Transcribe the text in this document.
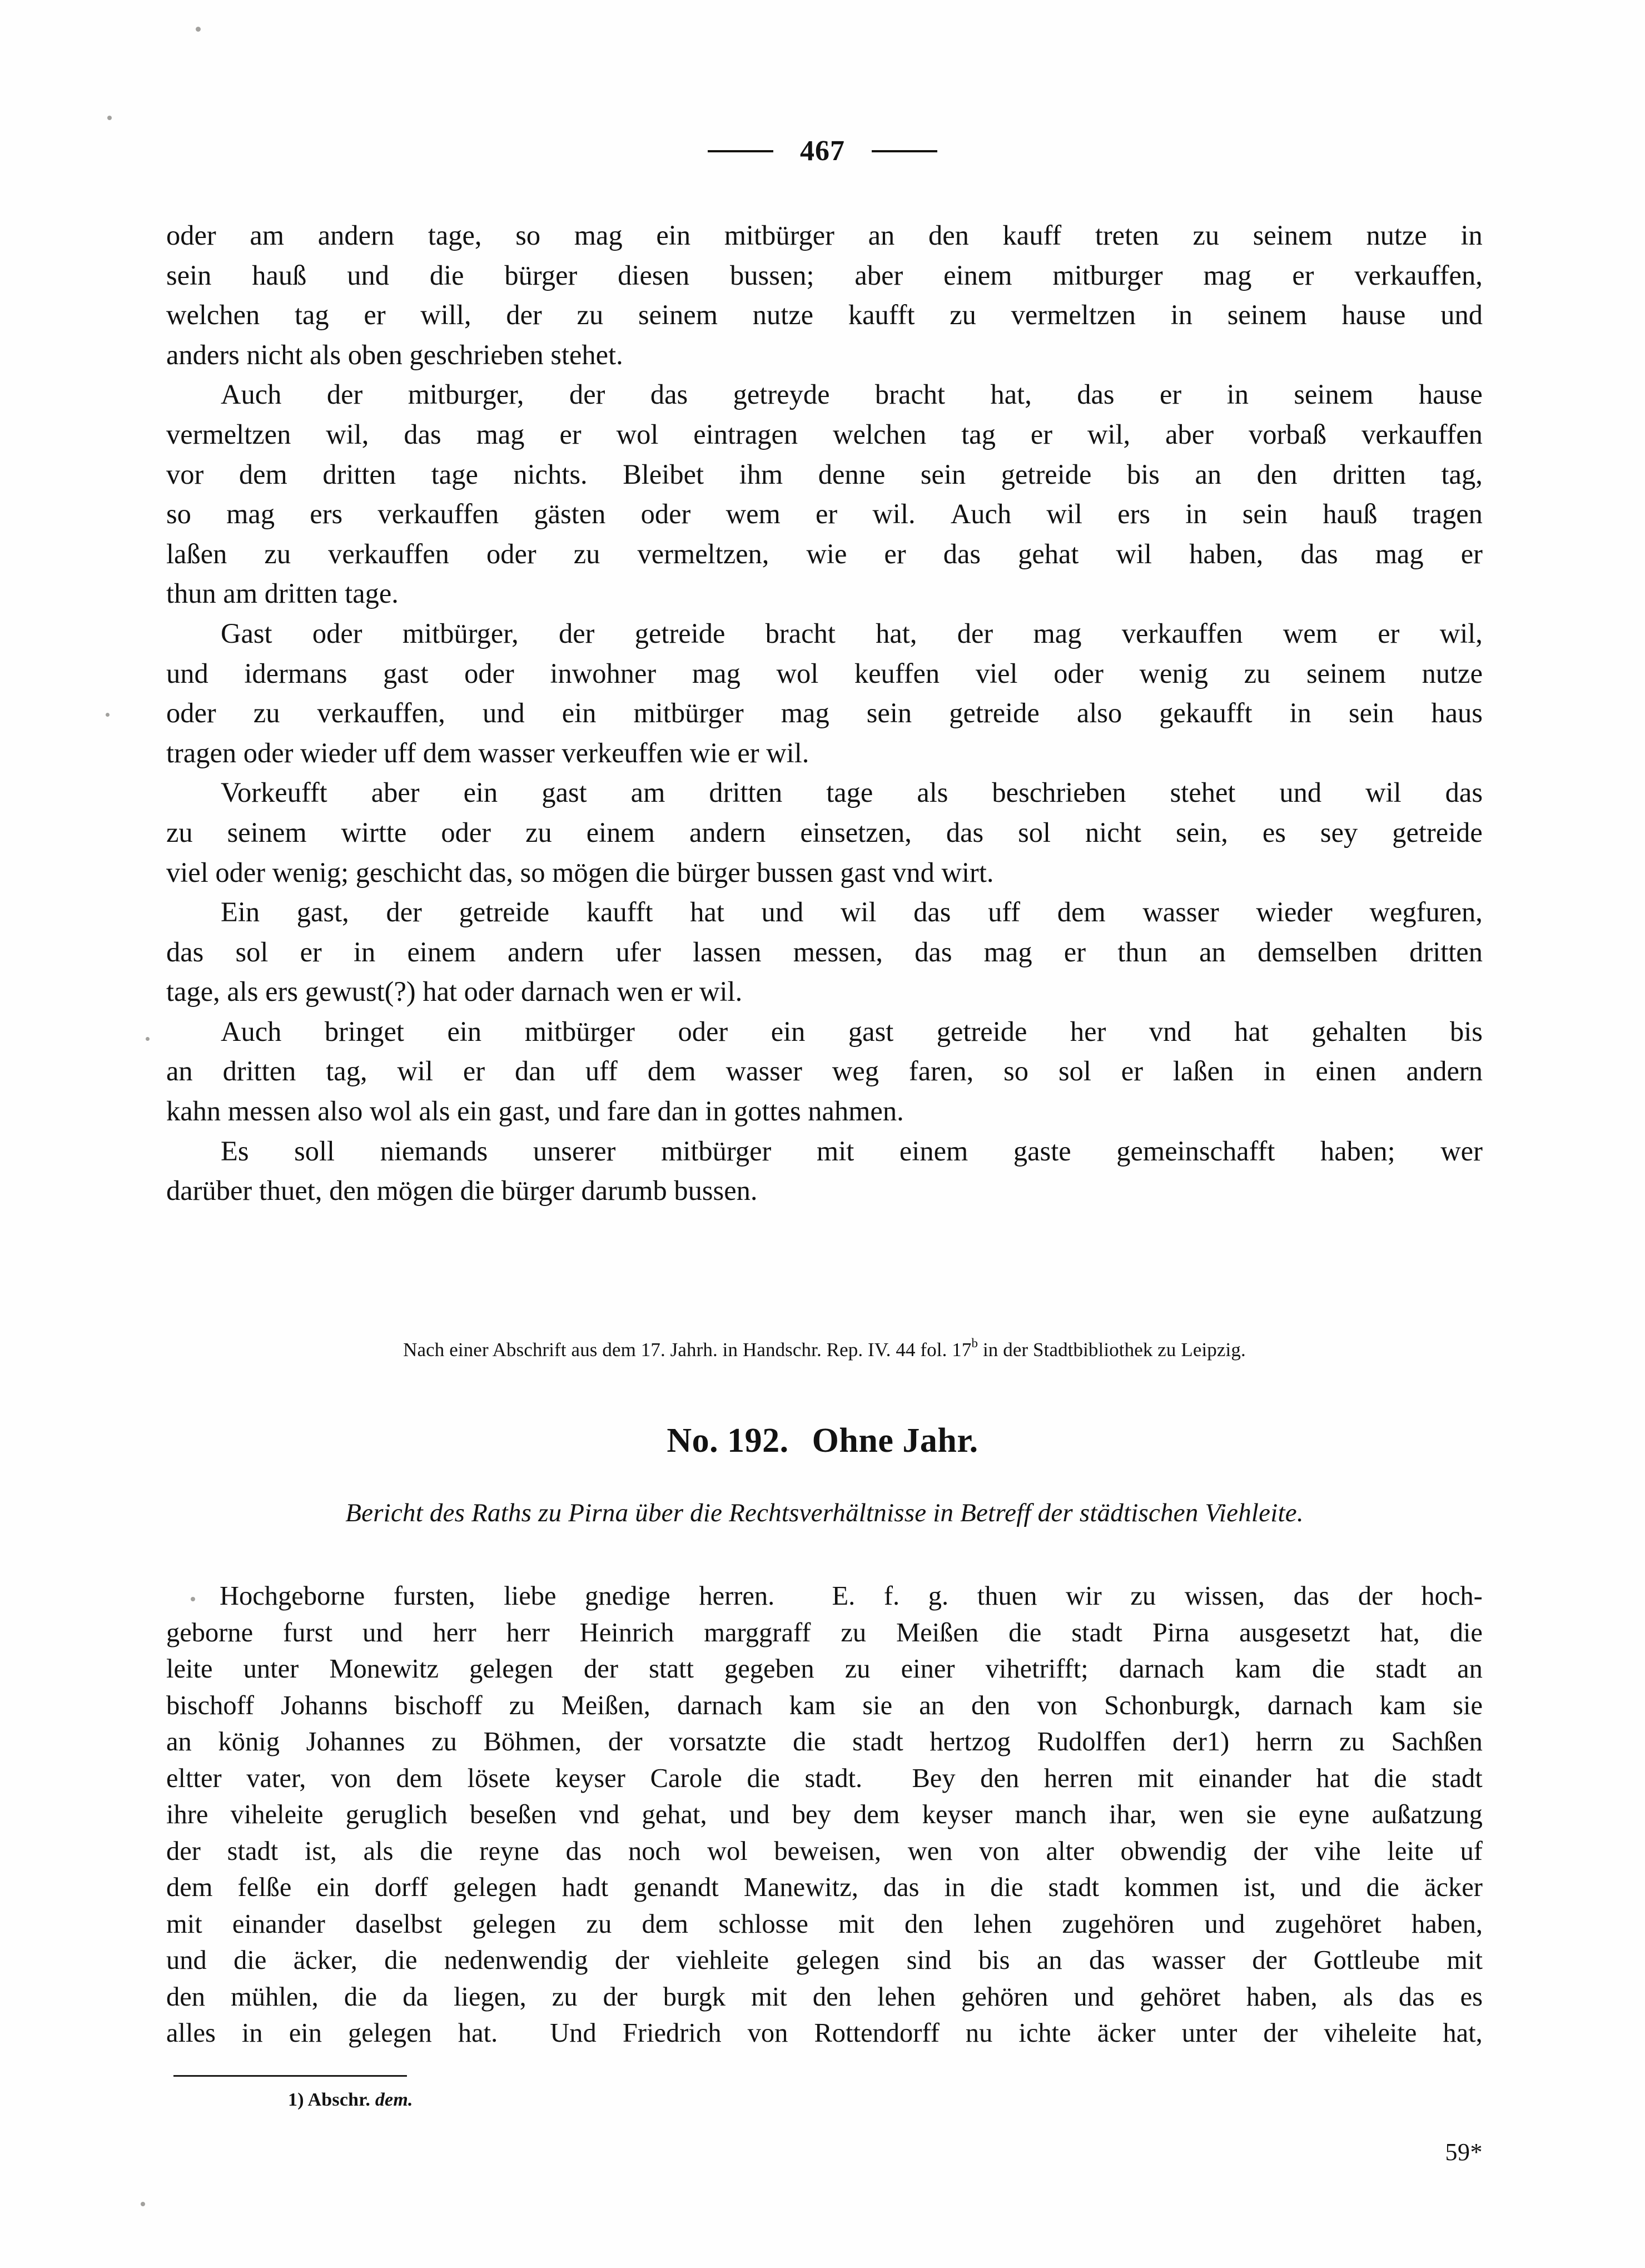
467
oder am andern tage, so mag ein mitbürger an den kauff treten zu seinem nutze in
sein hauß und die bürger diesen bussen; aber einem mitburger mag er verkauffen,
welchen tag er will, der zu seinem nutze kaufft zu vermeltzen in seinem hause und
anders nicht als oben geschrieben stehet.
Auch der mitburger, der das getreyde bracht hat, das er in seinem hause
vermeltzen wil, das mag er wol eintragen welchen tag er wil, aber vorbaß verkauffen
vor dem dritten tage nichts. Bleibet ihm denne sein getreide bis an den dritten tag,
so mag ers verkauffen gästen oder wem er wil. Auch wil ers in sein hauß tragen
laßen zu verkauffen oder zu vermeltzen, wie er das gehat wil haben, das mag er
thun am dritten tage.
Gast oder mitbürger, der getreide bracht hat, der mag verkauffen wem er wil,
und idermans gast oder inwohner mag wol keuffen viel oder wenig zu seinem nutze
oder zu verkauffen, und ein mitbürger mag sein getreide also gekaufft in sein haus
tragen oder wieder uff dem wasser verkeuffen wie er wil.
Vorkeufft aber ein gast am dritten tage als beschrieben stehet und wil das
zu seinem wirtte oder zu einem andern einsetzen, das sol nicht sein, es sey getreide
viel oder wenig; geschicht das, so mögen die bürger bussen gast vnd wirt.
Ein gast, der getreide kaufft hat und wil das uff dem wasser wieder wegfuren,
das sol er in einem andern ufer lassen messen, das mag er thun an demselben dritten
tage, als ers gewust(?) hat oder darnach wen er wil.
Auch bringet ein mitbürger oder ein gast getreide her vnd hat gehalten bis
an dritten tag, wil er dan uff dem wasser weg faren, so sol er laßen in einen andern
kahn messen also wol als ein gast, und fare dan in gottes nahmen.
Es soll niemands unserer mitbürger mit einem gaste gemeinschafft haben; wer
darüber thuet, den mögen die bürger darumb bussen.
Nach einer Abschrift aus dem 17. Jahrh. in Handschr. Rep. IV. 44 fol. 17$^b$ in der Stadtbibliothek zu Leipzig.
No. 192. Ohne Jahr.
Bericht des Raths zu Pirna über die Rechtsverhältnisse in Betreff der städtischen Viehleite.
Hochgeborne fursten, liebe gnedige herren. E. f. g. thuen wir zu wissen, das der hoch-
geborne furst und herr herr Heinrich marggraff zu Meißen die stadt Pirna ausgesetzt hat, die
leite unter Monewitz gelegen der statt gegeben zu einer vihetrifft; darnach kam die stadt an
bischoff Johanns bischoff zu Meißen, darnach kam sie an den von Schonburgk, darnach kam sie
an könig Johannes zu Böhmen, der vorsatzte die stadt hertzog Rudolffen der1) herrn zu Sachßen
eltter vater, von dem lösete keyser Carole die stadt. Bey den herren mit einander hat die stadt
ihre viheleite geruglich beseßen vnd gehat, und bey dem keyser manch ihar, wen sie eyne außatzung
der stadt ist, als die reyne das noch wol beweisen, wen von alter obwendig der vihe leite uf
dem felße ein dorff gelegen hadt genandt Manewitz, das in die stadt kommen ist, und die äcker
mit einander daselbst gelegen zu dem schlosse mit den lehen zugehören und zugehöret haben,
und die äcker, die nedenwendig der viehleite gelegen sind bis an das wasser der Gottleube mit
den mühlen, die da liegen, zu der burgk mit den lehen gehören und gehöret haben, als das es
alles in ein gelegen hat. Und Friedrich von Rottendorff nu ichte äcker unter der viheleite hat,
1) Abschr. dem.
59*
